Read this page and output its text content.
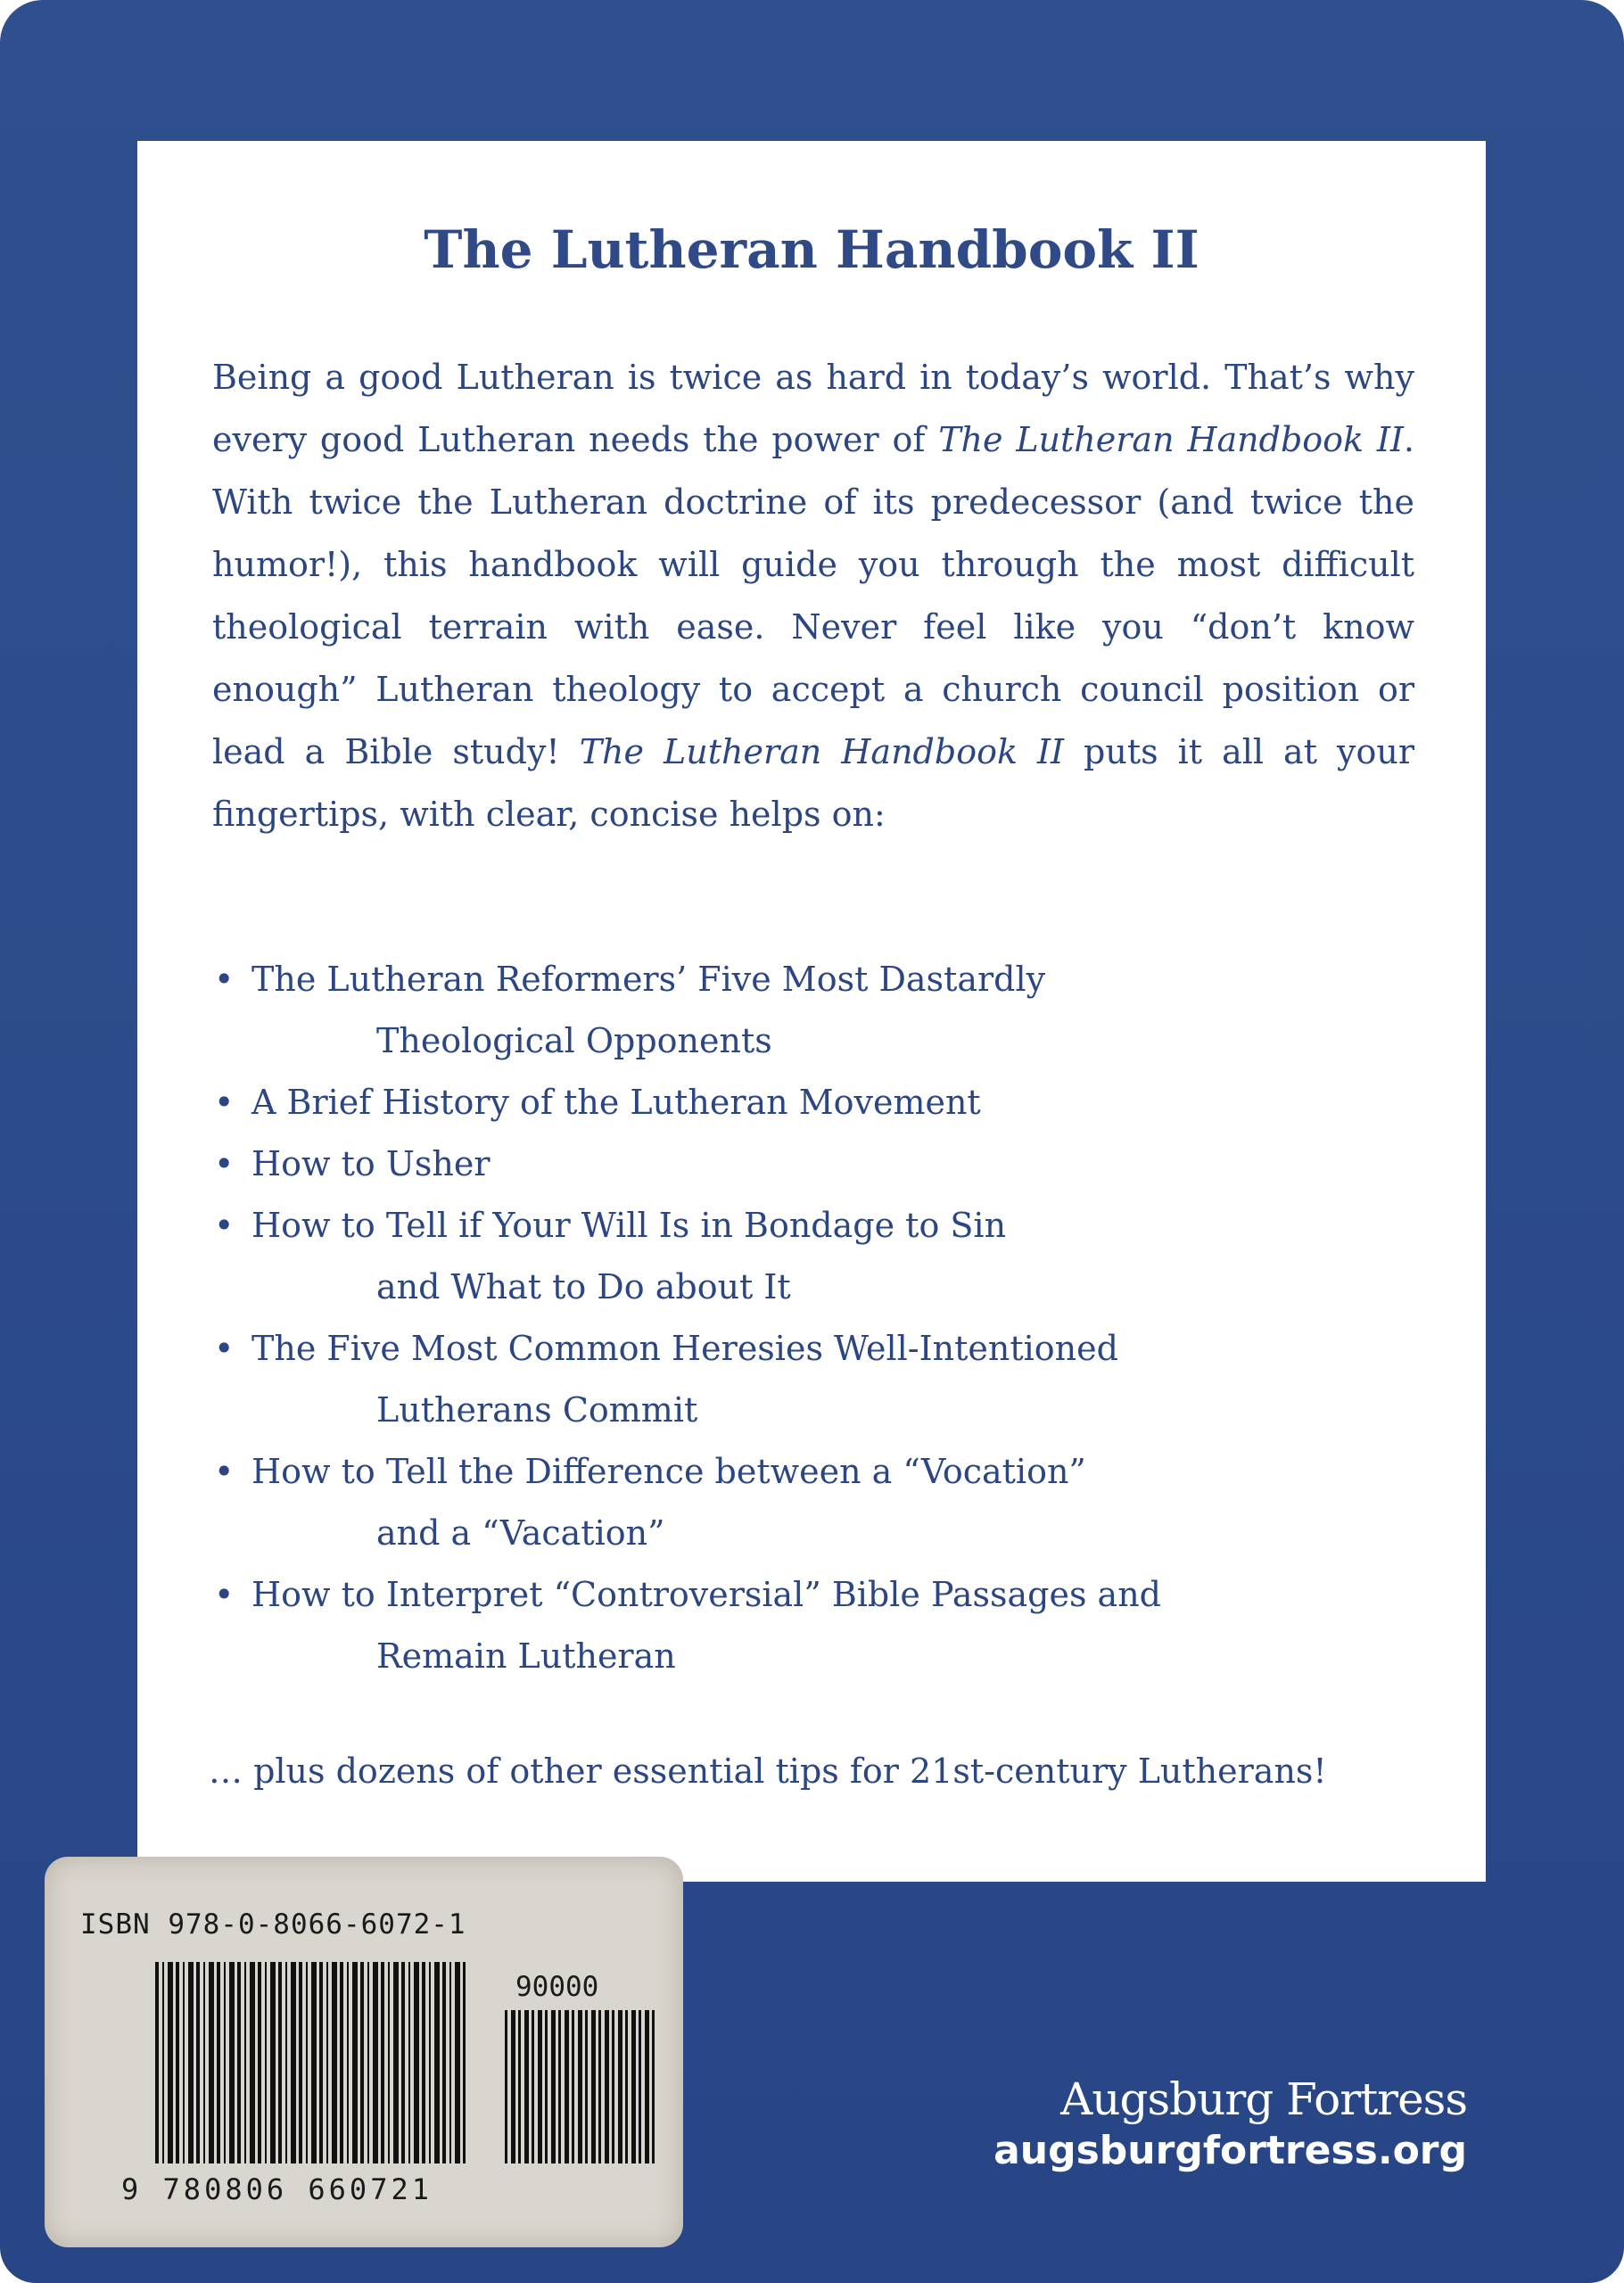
The Lutheran Handbook II
Being a good Lutheran is twice as hard in today’s world. That’s why every good Lutheran needs the power of The Lutheran Handbook II. With twice the Lutheran doctrine of its predecessor (and twice the humor!), this handbook will guide you through the most difficult theological terrain with ease. Never feel like you “don’t know enough” Lutheran theology to accept a church council position or lead a Bible study! The Lutheran Handbook II puts it all at your fingertips, with clear, concise helps on:
• The Lutheran Reformers’ Five Most Dastardly
Theological Opponents
• A Brief History of the Lutheran Movement
• How to Usher
• How to Tell if Your Will Is in Bondage to Sin
and What to Do about It
• The Five Most Common Heresies Well-Intentioned
Lutherans Commit
• How to Tell the Difference between a “Vocation”
and a “Vacation”
• How to Interpret “Controversial” Bible Passages and
Remain Lutheran
… plus dozens of other essential tips for 21st-century Lutherans!
ISBN 978-0-8066-6072-1
90000
9 780806 660721
Augsburg Fortress
augsburgfortress.org
